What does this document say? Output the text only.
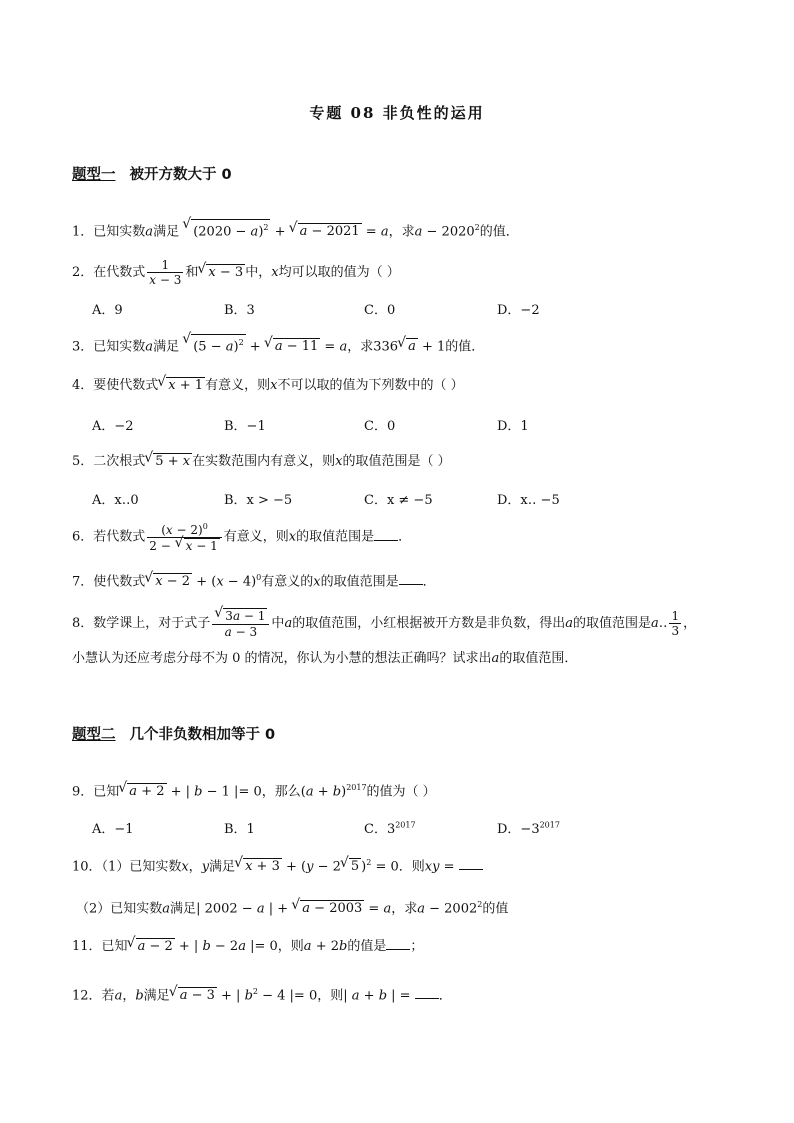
专题 08 非负性的运用
题型一 被开方数大于 0
1．已知实数a满足 √ $(2020 - a)^2$ + √ a − 2021 = a，求$a - 2020^2$的值．
2．在代数式 $\frac{1}{x - 3}$ 和 √ x − 3 中，x均可以取的值为（ ）
A．9	B．3	C．0	D．−2
3．已知实数a满足 √ $(5 - a)^2$ + √ a − 11 = a，求336 √ a + 1的值．
4．要使代数式 √ x + 1 有意义，则x不可以取的值为下列数中的（ ）
A．−2	B．−1	C．0	D．1
5．二次根式 √ 5 + x 在实数范围内有意义，则x的取值范围是（ ）
A．x‥0	B．x > −5	C．x ≠ −5	D．x‥ −5
6．若代数式 $\frac{(x - 2)^0}{2 - √ x - 1}$ 有意义，则x的取值范围是 ．
7．使代数式 √ $x - 2 + (x - 4)^0$有意义的x的取值范围是 ．
8．数学课上，对于式子 √ $\frac{3a - 1}{a - 3}$ 中a的取值范围，小红根据被开方数是非负数，得出a的取值范围是a‥ $\frac{1}{3}$ ，
小慧认为还应考虑分母不为 0 的情况，你认为小慧的想法正确吗？试求出a的取值范围．
题型二 几个非负数相加等于 0
9．已知 √ a + 2 + | b − 1 |= 0，那么$(a + b)^{2017}$的值为（ ）
A．−1	B．1	C．$3^{2017}$	D．$-3^{2017}$
10．（1）已知实数x，y满足 √ x + 3 + (y − 2 √ 5 )$^2$ = 0．则xy =
（2）已知实数a满足| 2002 − a | + √ a − 2003 = a，求$a - 2002^2$的值
11．已知 √ a − 2 + | b − 2a |= 0，则a + 2b的值是 ；
12．若a，b满足 √ a − 3 + | $b^2 - 4$ |= 0，则| a + b | = ．
